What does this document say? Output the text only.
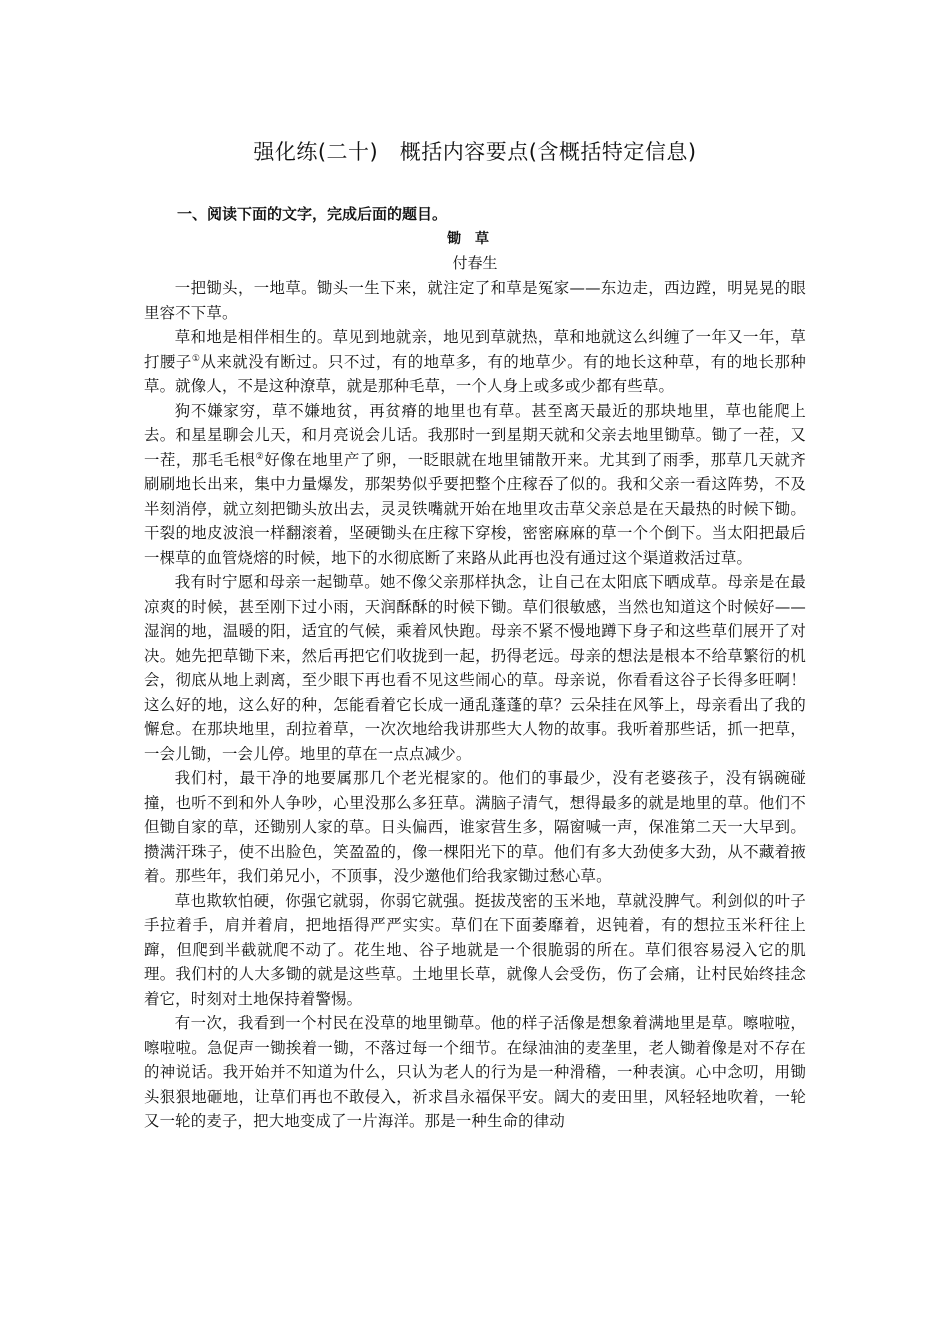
强化练(二十)　概括内容要点(含概括特定信息)
一、阅读下面的文字，完成后面的题目。
锄草
付春生

一把锄头，一地草。锄头一生下来，就注定了和草是冤家——东边走，西边蹚，明晃晃的眼里容不下草。

草和地是相伴相生的。草见到地就亲，地见到草就热，草和地就这么纠缠了一年又一年，草打腰子①从来就没有断过。只不过，有的地草多，有的地草少。有的地长这种草，有的地长那种草。就像人，不是这种潦草，就是那种毛草，一个人身上或多或少都有些草。

狗不嫌家穷，草不嫌地贫，再贫瘠的地里也有草。甚至离天最近的那块地里，草也能爬上去。和星星聊会儿天，和月亮说会儿话。我那时一到星期天就和父亲去地里锄草。锄了一茬，又一茬，那毛毛根②好像在地里产了卵，一眨眼就在地里铺散开来。尤其到了雨季，那草几天就齐刷刷地长出来，集中力量爆发，那架势似乎要把整个庄稼吞了似的。我和父亲一看这阵势，不及半刻消停，就立刻把锄头放出去，灵灵铁嘴就开始在地里攻击草父亲总是在天最热的时候下锄。干裂的地皮波浪一样翻滚着，坚硬锄头在庄稼下穿梭，密密麻麻的草一个个倒下。当太阳把最后一棵草的血管烧熔的时候，地下的水彻底断了来路从此再也没有通过这个渠道救活过草。

我有时宁愿和母亲一起锄草。她不像父亲那样执念，让自己在太阳底下晒成草。母亲是在最凉爽的时候，甚至刚下过小雨，天润酥酥的时候下锄。草们很敏感，当然也知道这个时候好——湿润的地，温暖的阳，适宜的气候，乘着风快跑。母亲不紧不慢地蹲下身子和这些草们展开了对决。她先把草锄下来，然后再把它们收拢到一起，扔得老远。母亲的想法是根本不给草繁衍的机会，彻底从地上剥离，至少眼下再也看不见这些闹心的草。母亲说，你看看这谷子长得多旺啊！这么好的地，这么好的种，怎能看着它长成一通乱蓬蓬的草？云朵挂在风筝上，母亲看出了我的懈怠。在那块地里，刮拉着草，一次次地给我讲那些大人物的故事。我听着那些话，抓一把草，一会儿锄，一会儿停。地里的草在一点点减少。

我们村，最干净的地要属那几个老光棍家的。他们的事最少，没有老婆孩子，没有锅碗碰撞，也听不到和外人争吵，心里没那么多狂草。满脑子清气，想得最多的就是地里的草。他们不但锄自家的草，还锄别人家的草。日头偏西，谁家营生多，隔窗喊一声，保准第二天一大早到。攒满汗珠子，使不出脸色，笑盈盈的，像一棵阳光下的草。他们有多大劲使多大劲，从不藏着掖着。那些年，我们弟兄小，不顶事，没少邀他们给我家锄过愁心草。

草也欺软怕硬，你强它就弱，你弱它就强。挺拔茂密的玉米地，草就没脾气。利剑似的叶子手拉着手，肩并着肩，把地捂得严严实实。草们在下面萎靡着，迟钝着，有的想拉玉米秆往上蹿，但爬到半截就爬不动了。花生地、谷子地就是一个很脆弱的所在。草们很容易浸入它的肌理。我们村的人大多锄的就是这些草。土地里长草，就像人会受伤，伤了会痛，让村民始终挂念着它，时刻对土地保持着警惕。

有一次，我看到一个村民在没草的地里锄草。他的样子活像是想象着满地里是草。嚓啦啦，嚓啦啦。急促声一锄挨着一锄，不落过每一个细节。在绿油油的麦垄里，老人锄着像是对不存在的神说话。我开始并不知道为什么，只认为老人的行为是一种滑稽，一种表演。心中念叨，用锄头狠狠地砸地，让草们再也不敢侵入，祈求昌永福保平安。阔大的麦田里，风轻轻地吹着，一轮又一轮的麦子，把大地变成了一片海洋。那是一种生命的律动
